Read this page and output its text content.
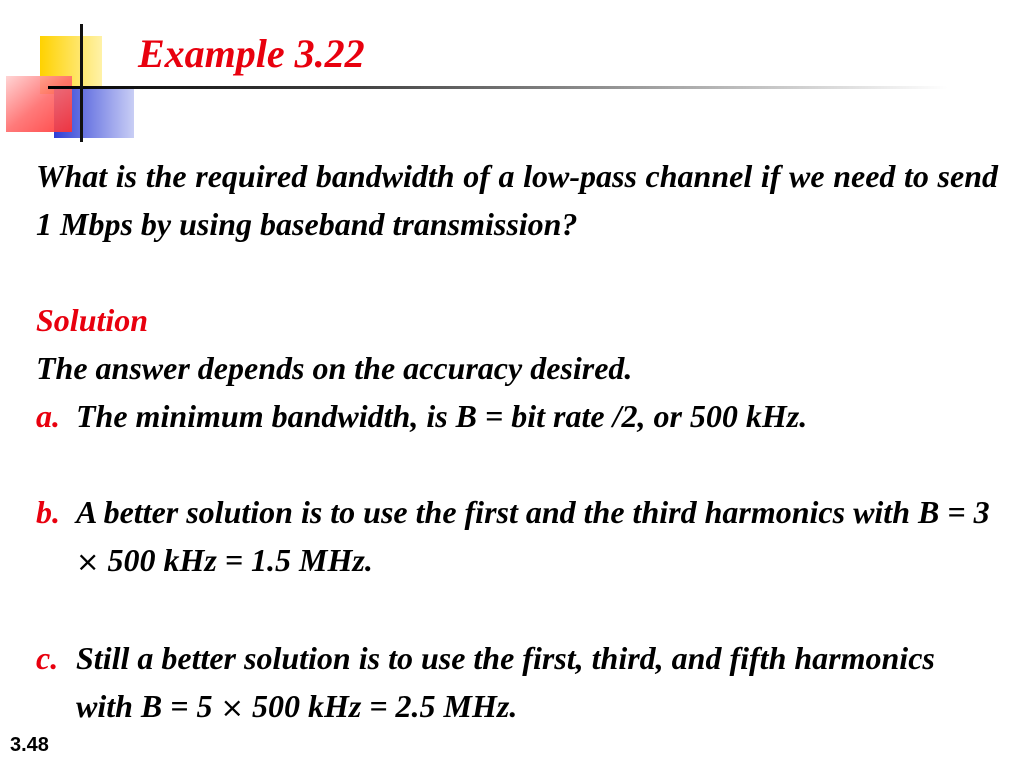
Example 3.22

What is the required bandwidth of a low-pass channel if we need to send 1 Mbps by using baseband transmission?

Solution

The answer depends on the accuracy desired.

a. The minimum bandwidth, is B = bit rate /2, or 500 kHz.

b. A better solution is to use the first and the third harmonics with B = 3 × 500 kHz = 1.5 MHz.

c. Still a better solution is to use the first, third, and fifth harmonics with B = 5 × 500 kHz = 2.5 MHz.

3.48
